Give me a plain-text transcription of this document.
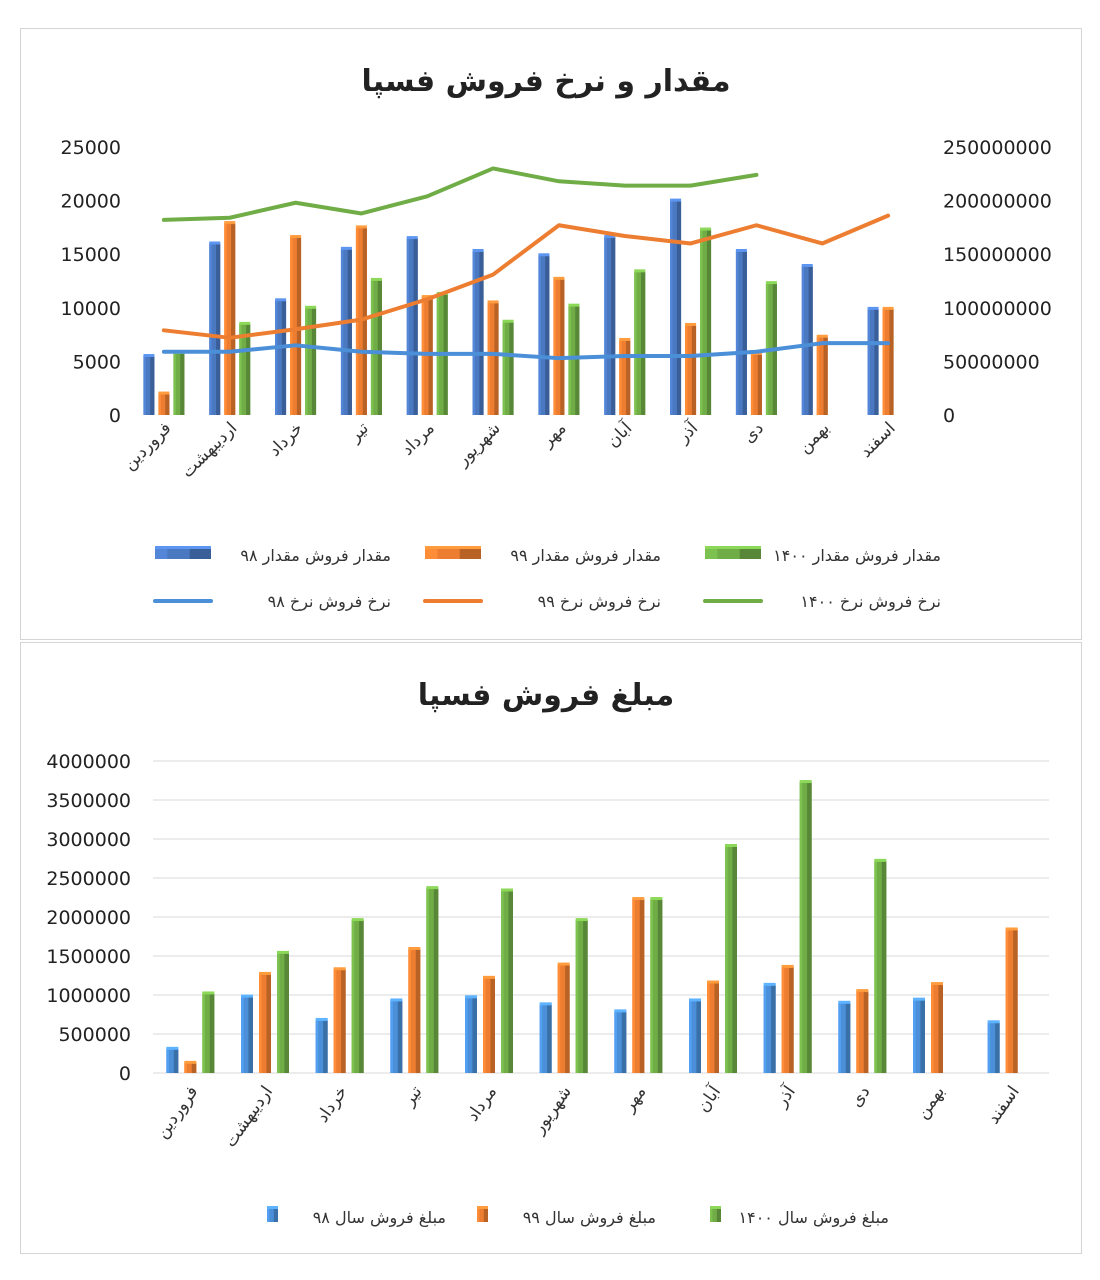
مقدار و نرخ فروش فسپا
0
5000
10000
15000
20000
25000
0
50000000
100000000
150000000
200000000
250000000
فروردین اردیبهشت خرداد تیر مرداد شهریور مهر آبان آذر دی بهمن اسفند
مقدار فروش مقدار ۹۸	مقدار فروش مقدار ۹۹	مقدار فروش مقدار ۱۴۰۰
نرخ فروش نرخ ۹۸	نرخ فروش نرخ ۹۹	نرخ فروش نرخ ۱۴۰۰
مبلغ فروش فسپا
0
500000
1000000
1500000
2000000
2500000
3000000
3500000
4000000
فروردین اردیبهشت خرداد	تیر مرداد شهریور	مهر	آبان	آذر	دی بهمن اسفند
مبلغ فروش سال ۹۸	مبلغ فروش سال ۹۹	مبلغ فروش سال ۱۴۰۰
